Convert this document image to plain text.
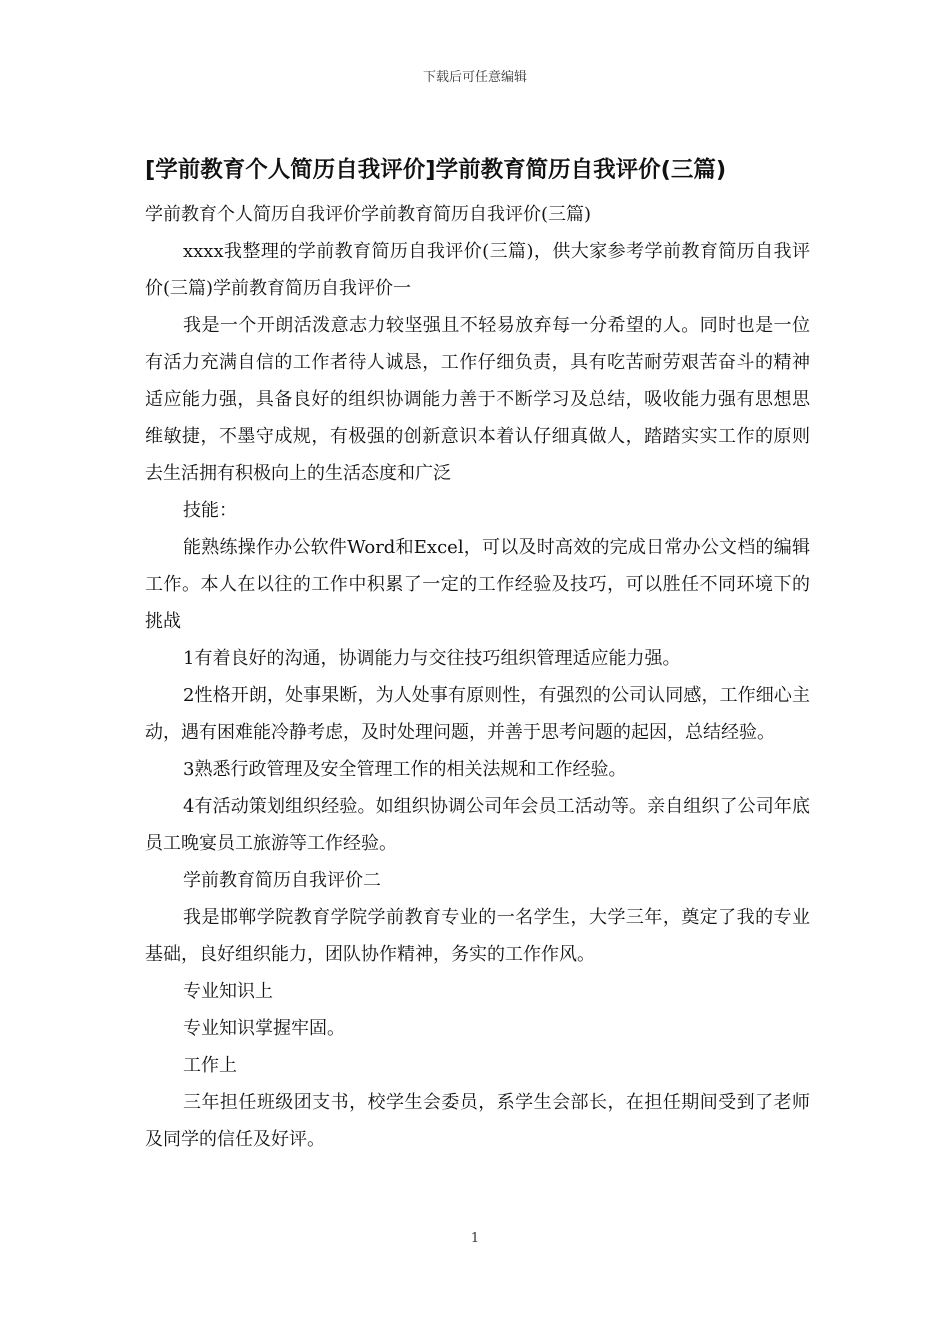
下载后可任意编辑
[学前教育个人简历自我评价]学前教育简历自我评价(三篇)

学前教育个人简历自我评价学前教育简历自我评价(三篇)

xxxx我整理的学前教育简历自我评价(三篇)，供大家参考学前教育简历自我评价(三篇)学前教育简历自我评价一

我是一个开朗活泼意志力较坚强且不轻易放弃每一分希望的人。同时也是一位有活力充满自信的工作者待人诚恳，工作仔细负责，具有吃苦耐劳艰苦奋斗的精神适应能力强，具备良好的组织协调能力善于不断学习及总结，吸收能力强有思想思维敏捷，不墨守成规，有极强的创新意识本着认仔细真做人，踏踏实实工作的原则去生活拥有积极向上的生活态度和广泛

技能：

能熟练操作办公软件Word和Excel，可以及时高效的完成日常办公文档的编辑工作。本人在以往的工作中积累了一定的工作经验及技巧，可以胜任不同环境下的挑战

1有着良好的沟通，协调能力与交往技巧组织管理适应能力强。

2性格开朗，处事果断，为人处事有原则性，有强烈的公司认同感，工作细心主动，遇有困难能冷静考虑，及时处理问题，并善于思考问题的起因，总结经验。

3熟悉行政管理及安全管理工作的相关法规和工作经验。

4有活动策划组织经验。如组织协调公司年会员工活动等。亲自组织了公司年底员工晚宴员工旅游等工作经验。

学前教育简历自我评价二

我是邯郸学院教育学院学前教育专业的一名学生，大学三年，奠定了我的专业基础，良好组织能力，团队协作精神，务实的工作作风。

专业知识上

专业知识掌握牢固。

工作上

三年担任班级团支书，校学生会委员，系学生会部长，在担任期间受到了老师及同学的信任及好评。

1
